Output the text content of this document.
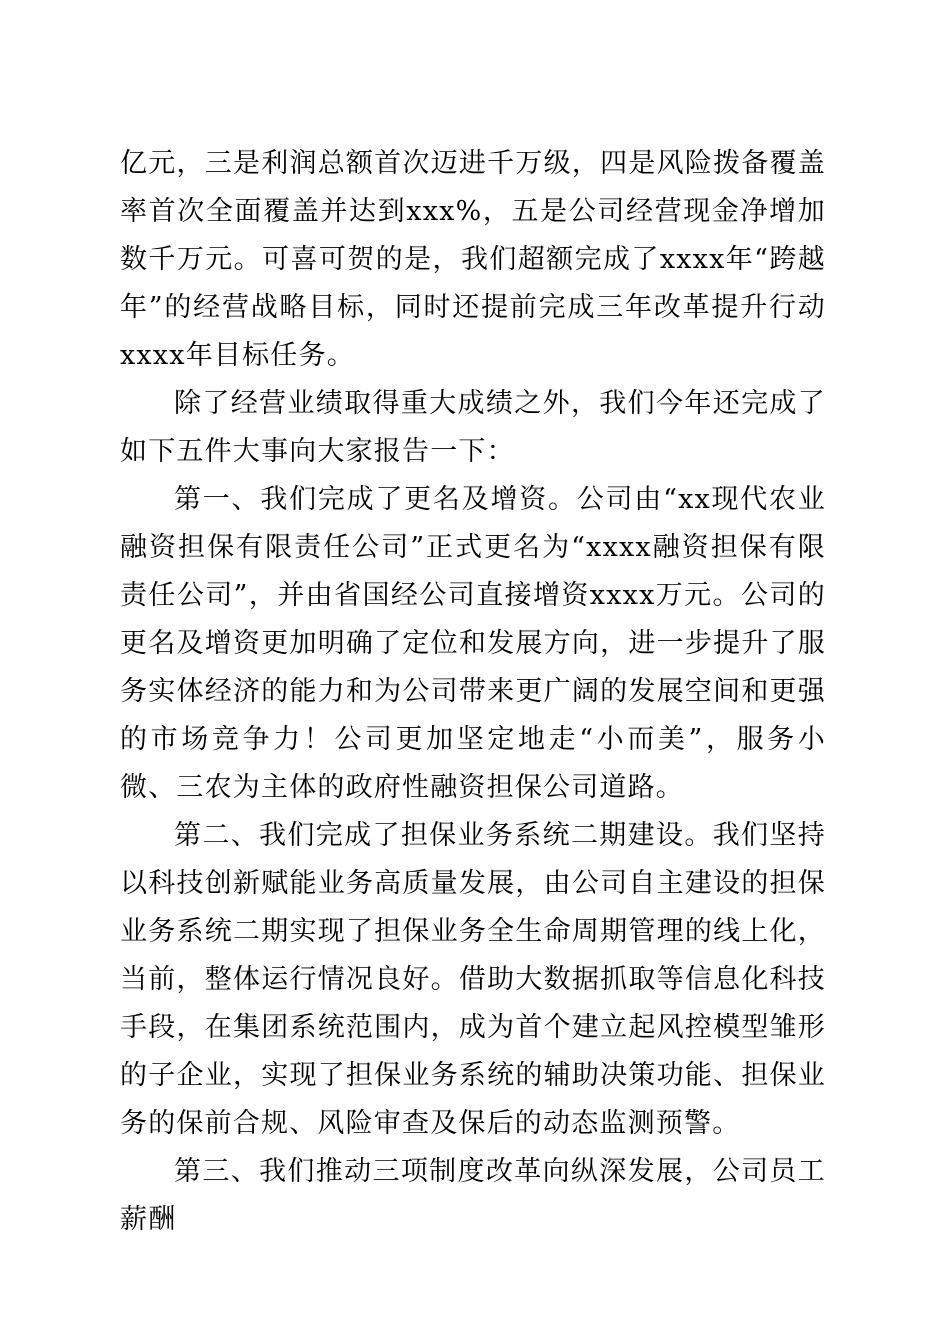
亿元，三是利润总额首次迈进千万级，四是风险拨备覆盖率首次全面覆盖并达到xxx%，五是公司经营现金净增加数千万元。可喜可贺的是，我们超额完成了xxxx年“跨越年”的经营战略目标，同时还提前完成三年改革提升行动xxxx年目标任务。

除了经营业绩取得重大成绩之外，我们今年还完成了如下五件大事向大家报告一下：

第一、我们完成了更名及增资。公司由“xx现代农业融资担保有限责任公司”正式更名为“xxxx融资担保有限责任公司”，并由省国经公司直接增资xxxx万元。公司的更名及增资更加明确了定位和发展方向，进一步提升了服务实体经济的能力和为公司带来更广阔的发展空间和更强的市场竞争力！公司更加坚定地走“小而美”，服务小微、三农为主体的政府性融资担保公司道路。

第二、我们完成了担保业务系统二期建设。我们坚持以科技创新赋能业务高质量发展，由公司自主建设的担保业务系统二期实现了担保业务全生命周期管理的线上化，当前，整体运行情况良好。借助大数据抓取等信息化科技手段，在集团系统范围内，成为首个建立起风控模型雏形的子企业，实现了担保业务系统的辅助决策功能、担保业务的保前合规、风险审查及保后的动态监测预警。

第三、我们推动三项制度改革向纵深发展，公司员工薪酬
